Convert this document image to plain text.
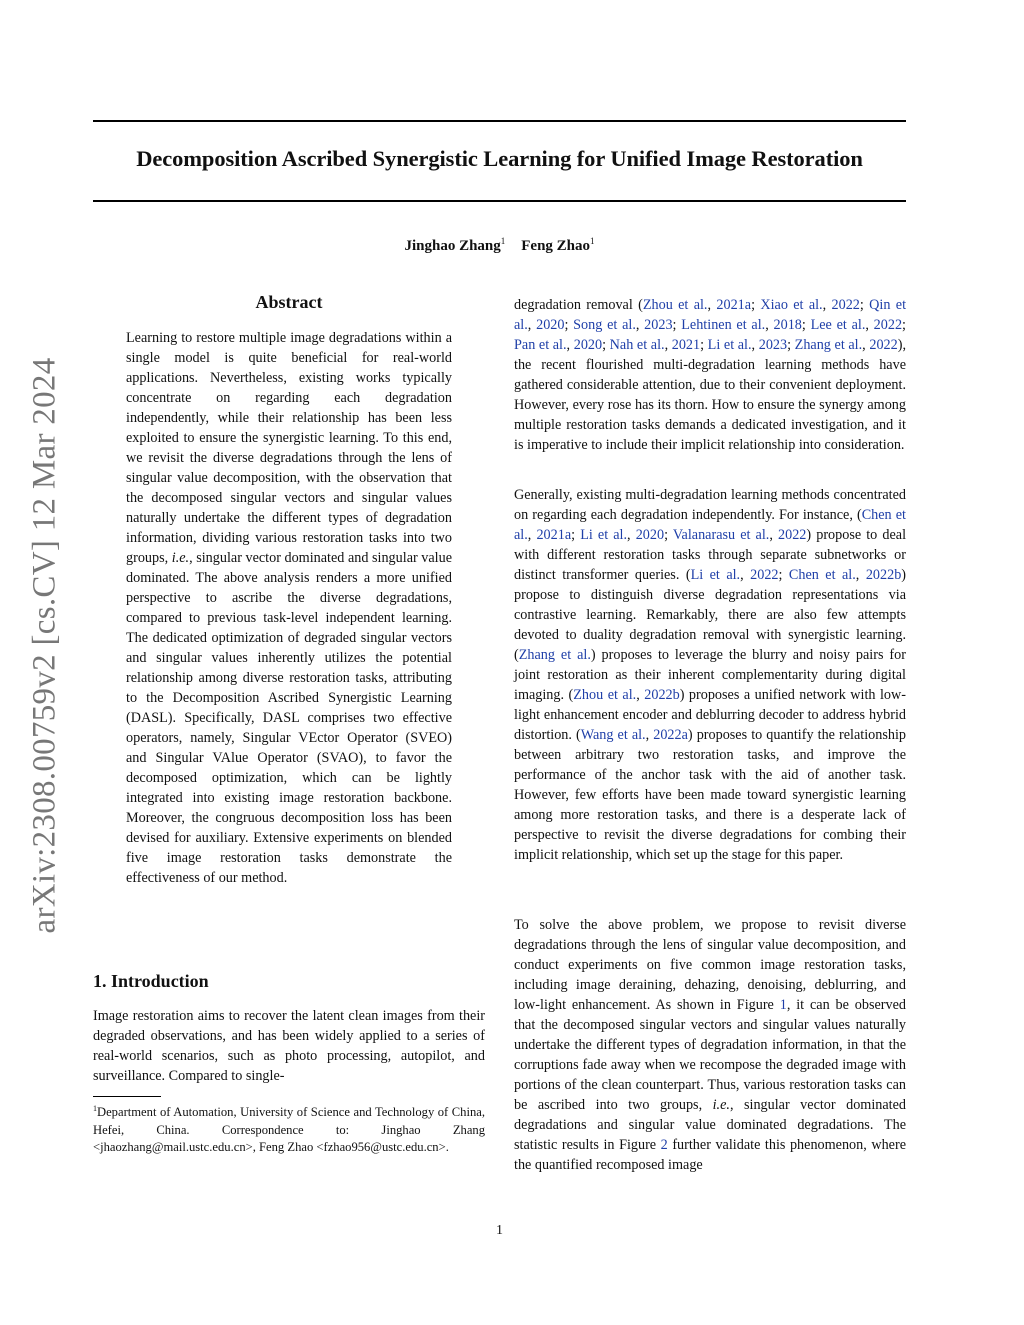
Decomposition Ascribed Synergistic Learning for Unified Image Restoration
Jinghao Zhang$^1$ Feng Zhao$^1$
arXiv:2308.00759v2 [cs.CV] 12 Mar 2024
Abstract

Learning to restore multiple image degradations within a single model is quite beneficial for real-world applications. Nevertheless, existing works typically concentrate on regarding each degradation independently, while their relationship has been less exploited to ensure the synergistic learning. To this end, we revisit the diverse degradations through the lens of singular value decomposition, with the observation that the decomposed singular vectors and singular values naturally undertake the different types of degradation information, dividing various restoration tasks into two groups, i.e., singular vector dominated and singular value dominated. The above analysis renders a more unified perspective to ascribe the diverse degradations, compared to previous task-level independent learning. The dedicated optimization of degraded singular vectors and singular values inherently utilizes the potential relationship among diverse restoration tasks, attributing to the Decomposition Ascribed Synergistic Learning (DASL). Specifically, DASL comprises two effective operators, namely, Singular VEctor Operator (SVEO) and Singular VAlue Operator (SVAO), to favor the decomposed optimization, which can be lightly integrated into existing image restoration backbone. Moreover, the congruous decomposition loss has been devised for auxiliary. Extensive experiments on blended five image restoration tasks demonstrate the effectiveness of our method.

1. Introduction

Image restoration aims to recover the latent clean images from their degraded observations, and has been widely applied to a series of real-world scenarios, such as photo processing, autopilot, and surveillance. Compared to single-

$^1$Department of Automation, University of Science and Technology of China, Hefei, China. Correspondence to: Jinghao Zhang <jhaozhang@mail.ustc.edu.cn>, Feng Zhao <fzhao956@ustc.edu.cn>.

degradation removal (Zhou et al., 2021a; Xiao et al., 2022; Qin et al., 2020; Song et al., 2023; Lehtinen et al., 2018; Lee et al., 2022; Pan et al., 2020; Nah et al., 2021; Li et al., 2023; Zhang et al., 2022), the recent flourished multi-degradation learning methods have gathered considerable attention, due to their convenient deployment. However, every rose has its thorn. How to ensure the synergy among multiple restoration tasks demands a dedicated investigation, and it is imperative to include their implicit relationship into consideration.

Generally, existing multi-degradation learning methods concentrated on regarding each degradation independently. For instance, (Chen et al., 2021a; Li et al., 2020; Valanarasu et al., 2022) propose to deal with different restoration tasks through separate subnetworks or distinct transformer queries. (Li et al., 2022; Chen et al., 2022b) propose to distinguish diverse degradation representations via contrastive learning. Remarkably, there are also few attempts devoted to duality degradation removal with synergistic learning. (Zhang et al.) proposes to leverage the blurry and noisy pairs for joint restoration as their inherent complementarity during digital imaging. (Zhou et al., 2022b) proposes a unified network with low-light enhancement encoder and deblurring decoder to address hybrid distortion. (Wang et al., 2022a) proposes to quantify the relationship between arbitrary two restoration tasks, and improve the performance of the anchor task with the aid of another task. However, few efforts have been made toward synergistic learning among more restoration tasks, and there is a desperate lack of perspective to revisit the diverse degradations for combing their implicit relationship, which set up the stage for this paper.

To solve the above problem, we propose to revisit diverse degradations through the lens of singular value decomposition, and conduct experiments on five common image restoration tasks, including image deraining, dehazing, denoising, deblurring, and low-light enhancement. As shown in Figure 1, it can be observed that the decomposed singular vectors and singular values naturally undertake the different types of degradation information, in that the corruptions fade away when we recompose the degraded image with portions of the clean counterpart. Thus, various restoration tasks can be ascribed into two groups, i.e., singular vector dominated degradations and singular value dominated degradations. The statistic results in Figure 2 further validate this phenomenon, where the quantified recomposed image

1
